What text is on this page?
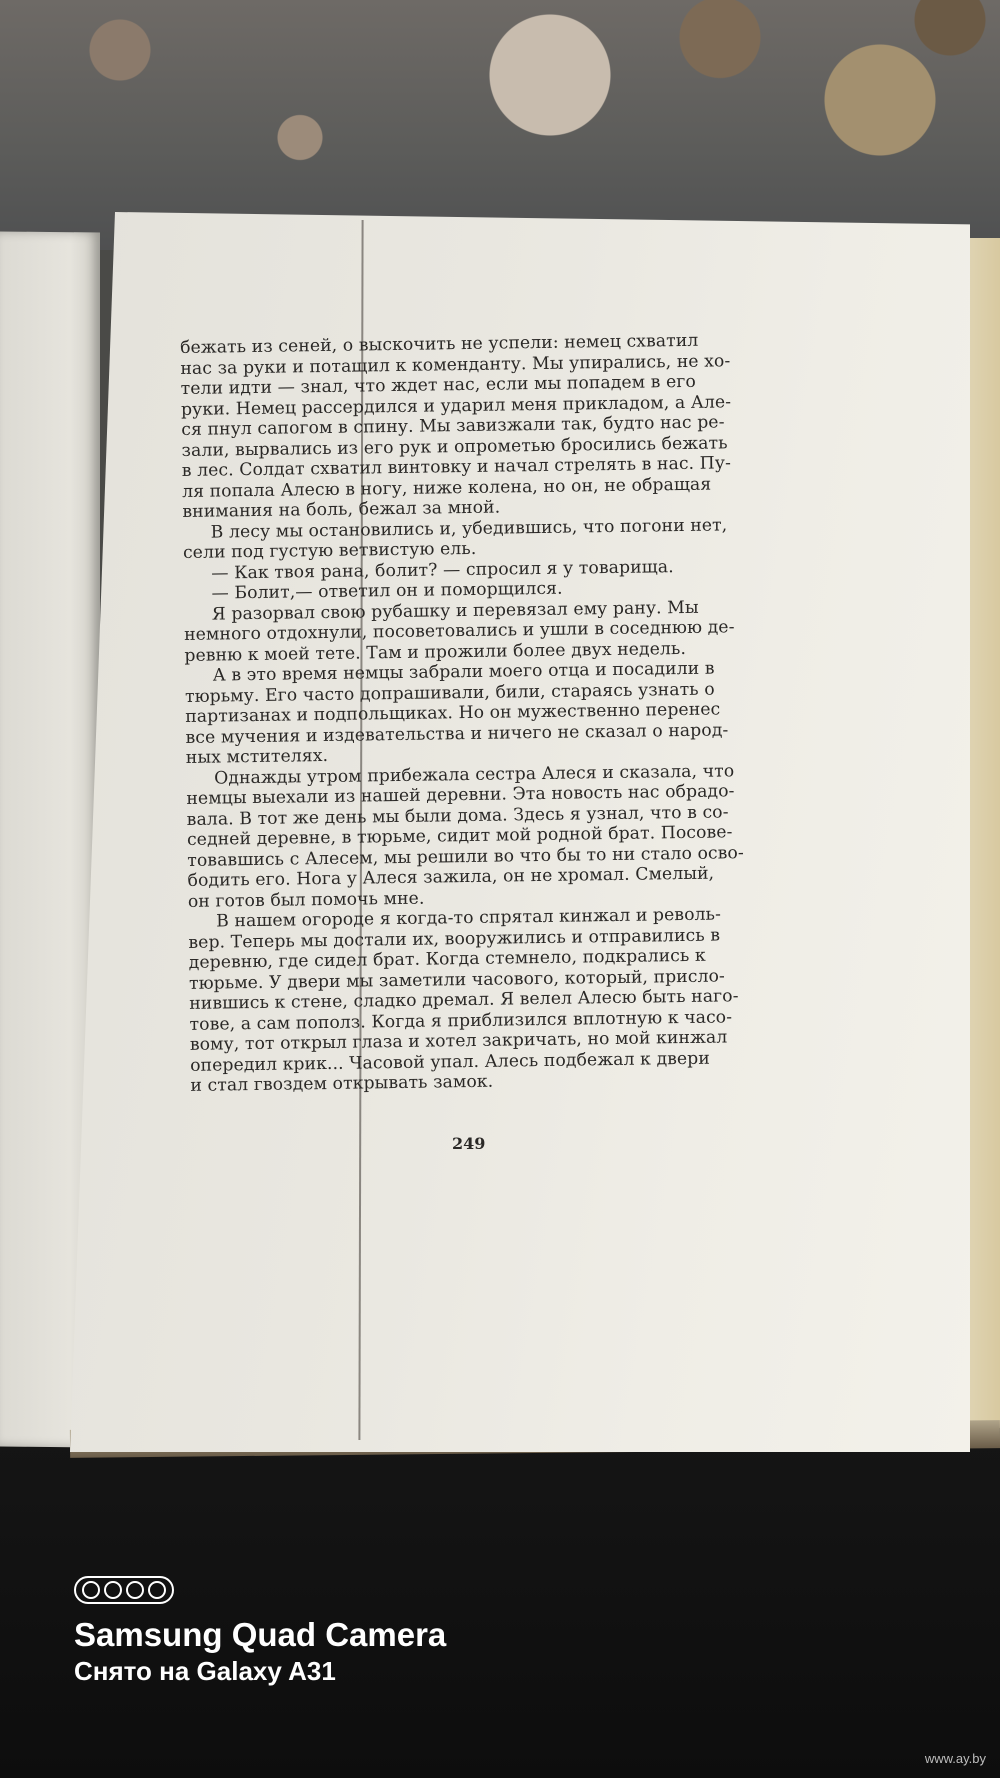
бежать из сеней, о выскочить не успели: немец схватил
нас за руки и потащил к коменданту. Мы упирались, не хо-
тели идти — знал, что ждет нас, если мы попадем в его
руки. Немец рассердился и ударил меня прикладом, а Але-
ся пнул сапогом в спину. Мы завизжали так, будто нас ре-
зали, вырвались из его рук и опрометью бросились бежать
в лес. Солдат схватил винтовку и начал стрелять в нас. Пу-
ля попала Алесю в ногу, ниже колена, но он, не обращая
внимания на боль, бежал за мной.
В лесу мы остановились и, убедившись, что погони нет,
сели под густую ветвистую ель.
— Как твоя рана, болит? — спросил я у товарища.
— Болит,— ответил он и поморщился.
Я разорвал свою рубашку и перевязал ему рану. Мы
немного отдохнули, посоветовались и ушли в соседнюю де-
ревню к моей тете. Там и прожили более двух недель.
А в это время немцы забрали моего отца и посадили в
тюрьму. Его часто допрашивали, били, стараясь узнать о
партизанах и подпольщиках. Но он мужественно перенес
все мучения и издевательства и ничего не сказал о народ-
ных мстителях.
Однажды утром прибежала сестра Алеся и сказала, что
немцы выехали из нашей деревни. Эта новость нас обрадо-
вала. В тот же день мы были дома. Здесь я узнал, что в со-
седней деревне, в тюрьме, сидит мой родной брат. Посове-
товавшись с Алесем, мы решили во что бы то ни стало осво-
бодить его. Нога у Алеся зажила, он не хромал. Смелый,
он готов был помочь мне.
В нашем огороде я когда-то спрятал кинжал и револь-
вер. Теперь мы достали их, вооружились и отправились в
деревню, где сидел брат. Когда стемнело, подкрались к
тюрьме. У двери мы заметили часового, который, присло-
нившись к стене, сладко дремал. Я велел Алесю быть наго-
тове, а сам пополз. Когда я приблизился вплотную к часо-
вому, тот открыл глаза и хотел закричать, но мой кинжал
опередил крик... Часовой упал. Алесь подбежал к двери
и стал гвоздем открывать замок.
249
Samsung Quad Camera
Снято на Galaxy A31
www.ay.by
